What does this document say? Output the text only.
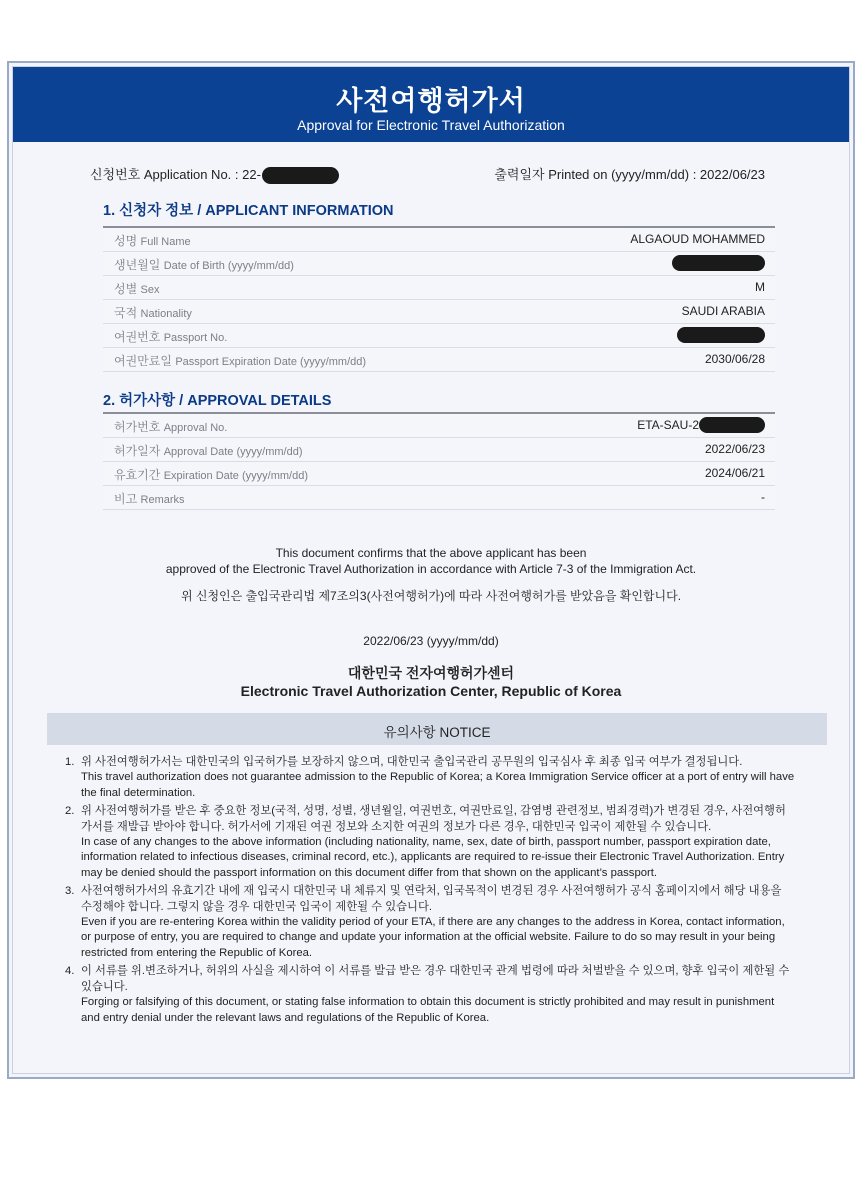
사전여행허가서
Approval for Electronic Travel Authorization
신청번호 Application No. : 22-	출력일자 Printed on (yyyy/mm/dd) : 2022/06/23
1. 신청자 정보 / APPLICANT INFORMATION
성명 Full Name	ALGAOUD MOHAMMED
생년월일 Date of Birth (yyyy/mm/dd)
성별 Sex	M
국적 Nationality	SAUDI ARABIA
여권번호 Passport No.
여권만료일 Passport Expiration Date (yyyy/mm/dd)	2030/06/28
2. 허가사항 / APPROVAL DETAILS
허가번호 Approval No.	ETA-SAU-2
허가일자 Approval Date (yyyy/mm/dd)	2022/06/23
유효기간 Expiration Date (yyyy/mm/dd)	2024/06/21
비고 Remarks	-
This document confirms that the above applicant has been
approved of the Electronic Travel Authorization in accordance with Article 7-3 of the Immigration Act.
위 신청인은 출입국관리법 제7조의3(사전여행허가)에 따라 사전여행허가를 받았음을 확인합니다.
2022/06/23 (yyyy/mm/dd)
대한민국 전자여행허가센터
Electronic Travel Authorization Center, Republic of Korea
유의사항 NOTICE
1. 위 사전여행허가서는 대한민국의 입국허가를 보장하지 않으며, 대한민국 출입국관리 공무원의 입국심사 후 최종 입국 여부가 결정됩니다.
This travel authorization does not guarantee admission to the Republic of Korea; a Korea Immigration Service officer at a port of entry will have the final determination.
2. 위 사전여행허가를 받은 후 중요한 정보(국적, 성명, 성별, 생년월일, 여권번호, 여권만료일, 감염병 관련정보, 범죄경력)가 변경된 경우, 사전여행허가서를 재발급 받아야 합니다. 허가서에 기재된 여권 정보와 소지한 여권의 정보가 다른 경우, 대한민국 입국이 제한될 수 있습니다.
In case of any changes to the above information (including nationality, name, sex, date of birth, passport number, passport expiration date, information related to infectious diseases, criminal record, etc.), applicants are required to re-issue their Electronic Travel Authorization. Entry may be denied should the passport information on this document differ from that shown on the applicant’s passport.
3. 사전여행허가서의 유효기간 내에 재 입국시 대한민국 내 체류지 및 연락처, 입국목적이 변경된 경우 사전여행허가 공식 홈페이지에서 해당 내용을 수정해야 합니다. 그렇지 않을 경우 대한민국 입국이 제한될 수 있습니다.
Even if you are re-entering Korea within the validity period of your ETA, if there are any changes to the address in Korea, contact information, or purpose of entry, you are required to change and update your information at the official website. Failure to do so may result in your being restricted from entering the Republic of Korea.
4. 이 서류를 위.변조하거나, 허위의 사실을 제시하여 이 서류를 발급 받은 경우 대한민국 관계 법령에 따라 처벌받을 수 있으며, 향후 입국이 제한될 수 있습니다.
Forging or falsifying of this document, or stating false information to obtain this document is strictly prohibited and may result in punishment and entry denial under the relevant laws and regulations of the Republic of Korea.
